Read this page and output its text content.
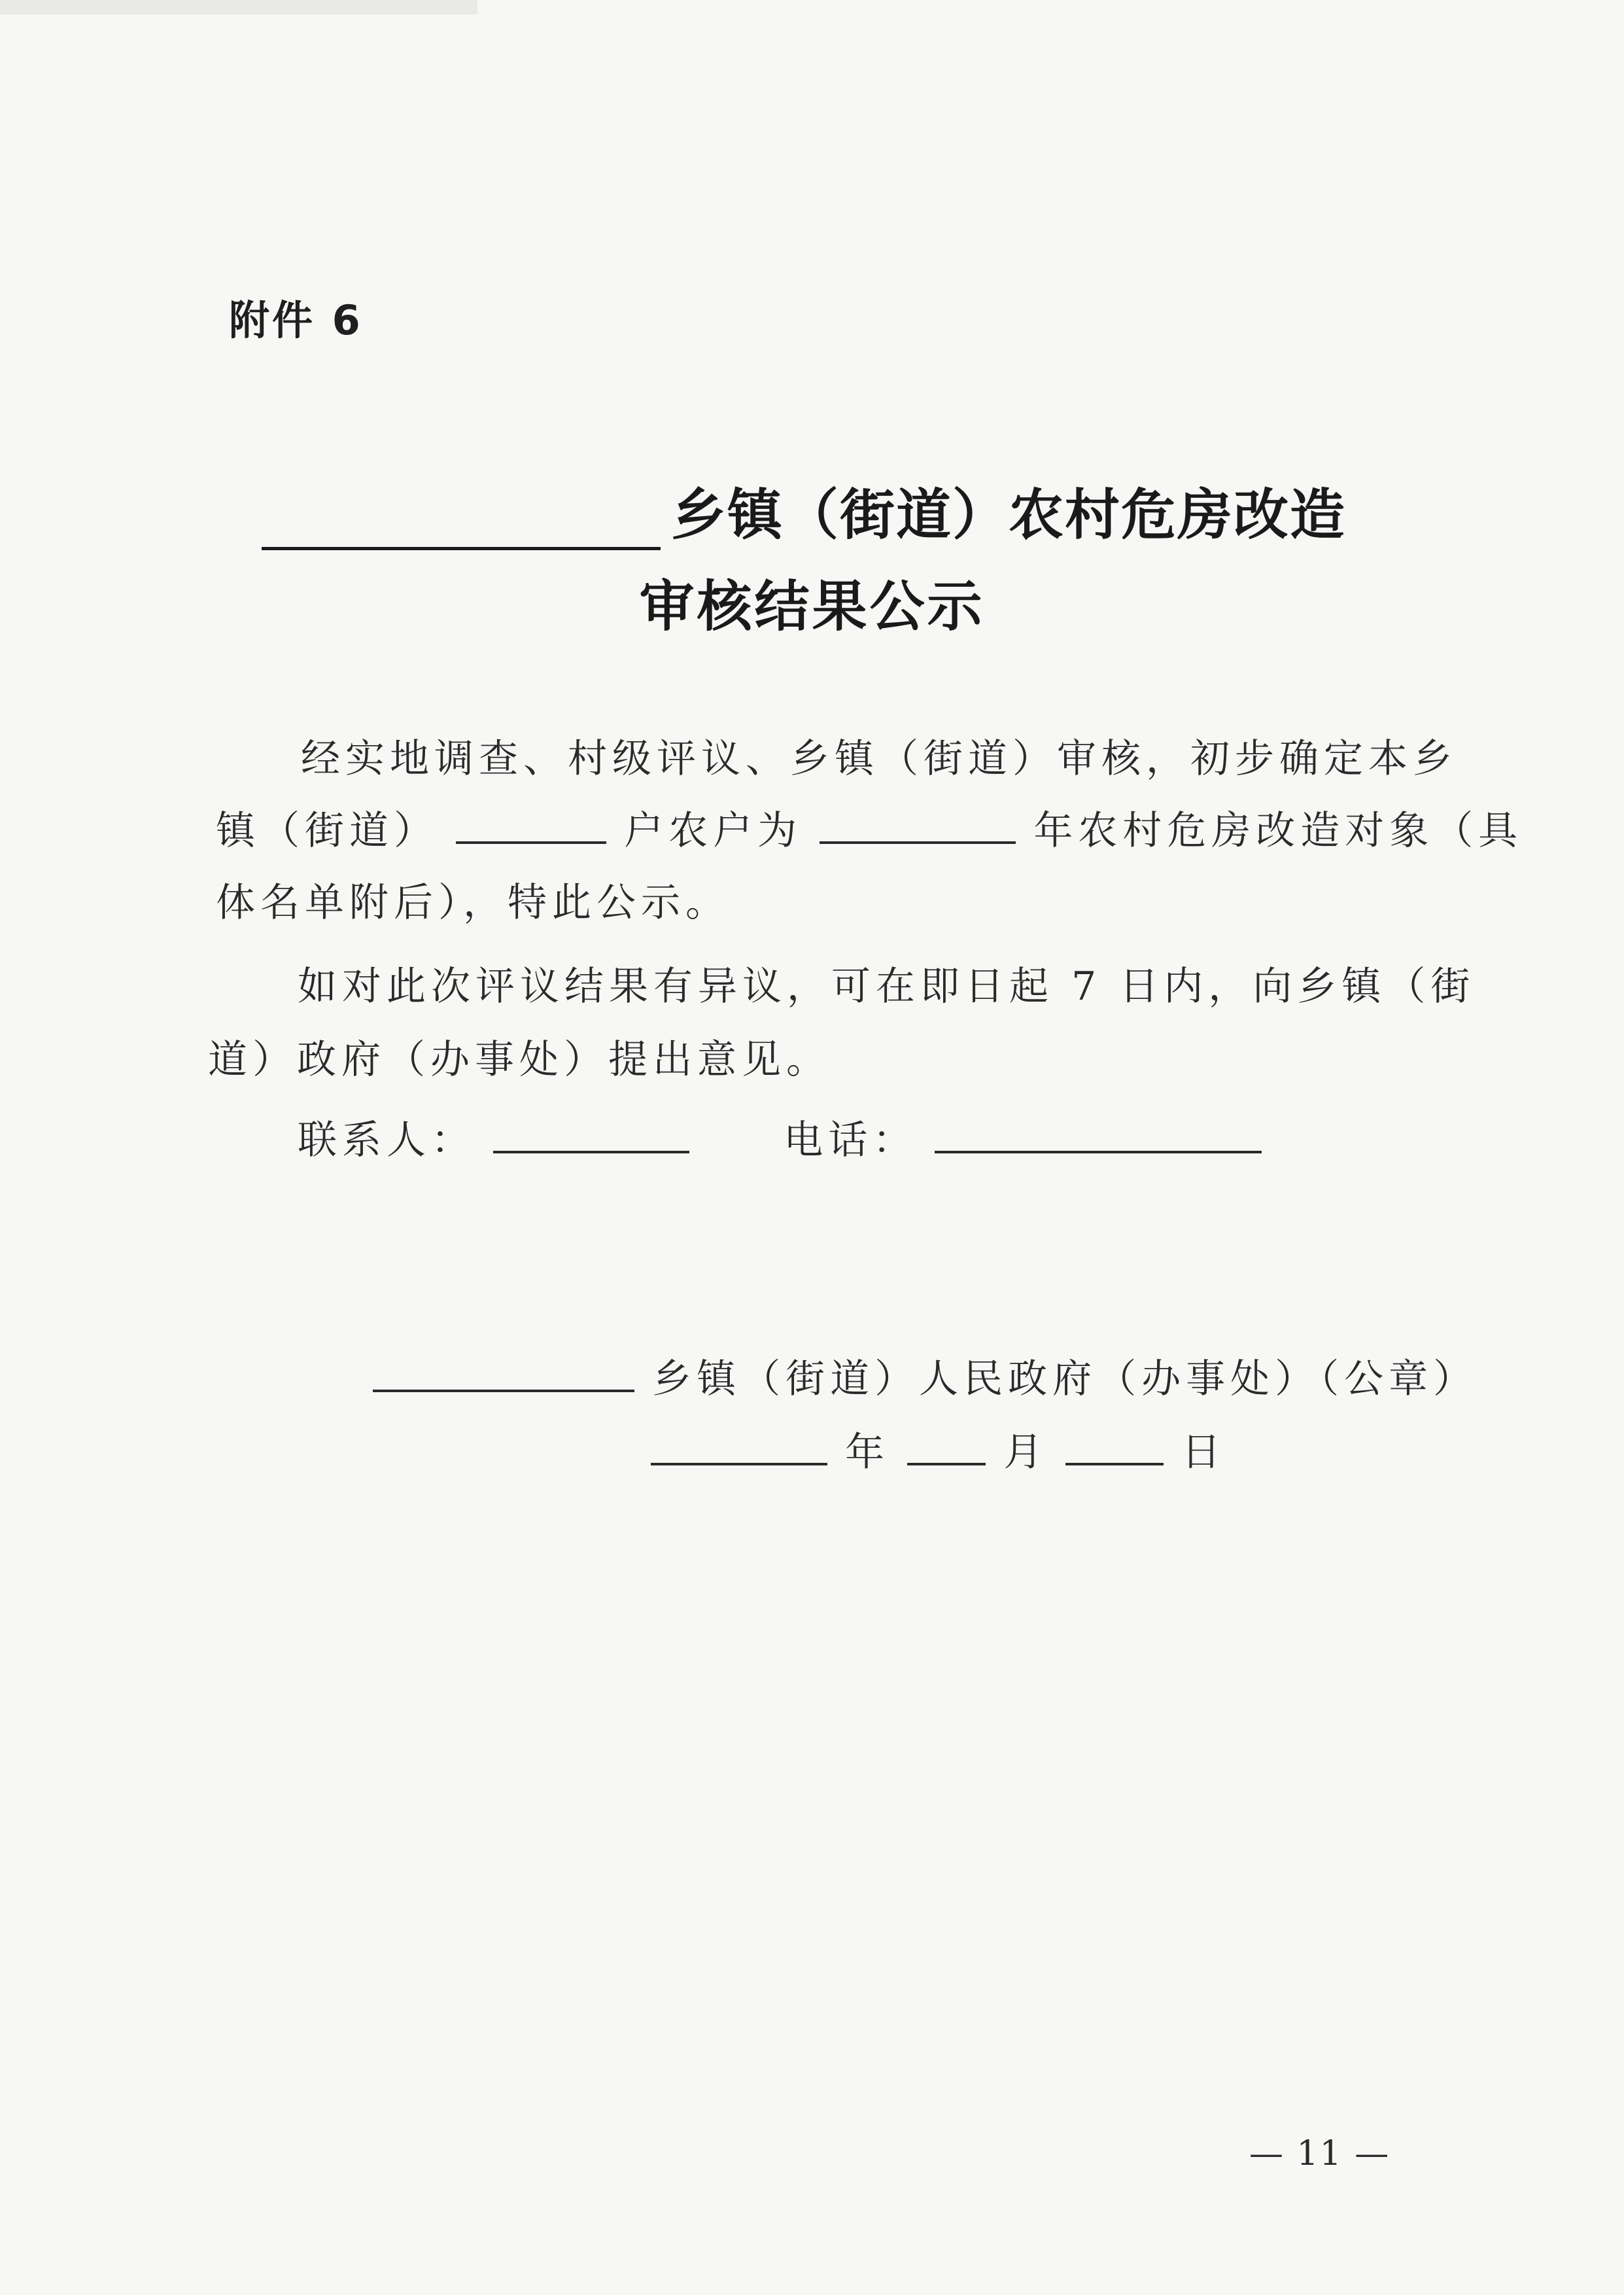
附件 6
乡镇（街道）农村危房改造
审核结果公示
经实地调查、村级评议、乡镇（街道）审核，初步确定本乡
镇（街道）	户农户为	年农村危房改造对象（具
体名单附后），特此公示。
如对此次评议结果有异议，可在即日起 7 日内，向乡镇（街
道）政府（办事处）提出意见。
联系人：	电话：
乡镇（街道）人民政府（办事处）（公章）
年	月	日
— 11 —
